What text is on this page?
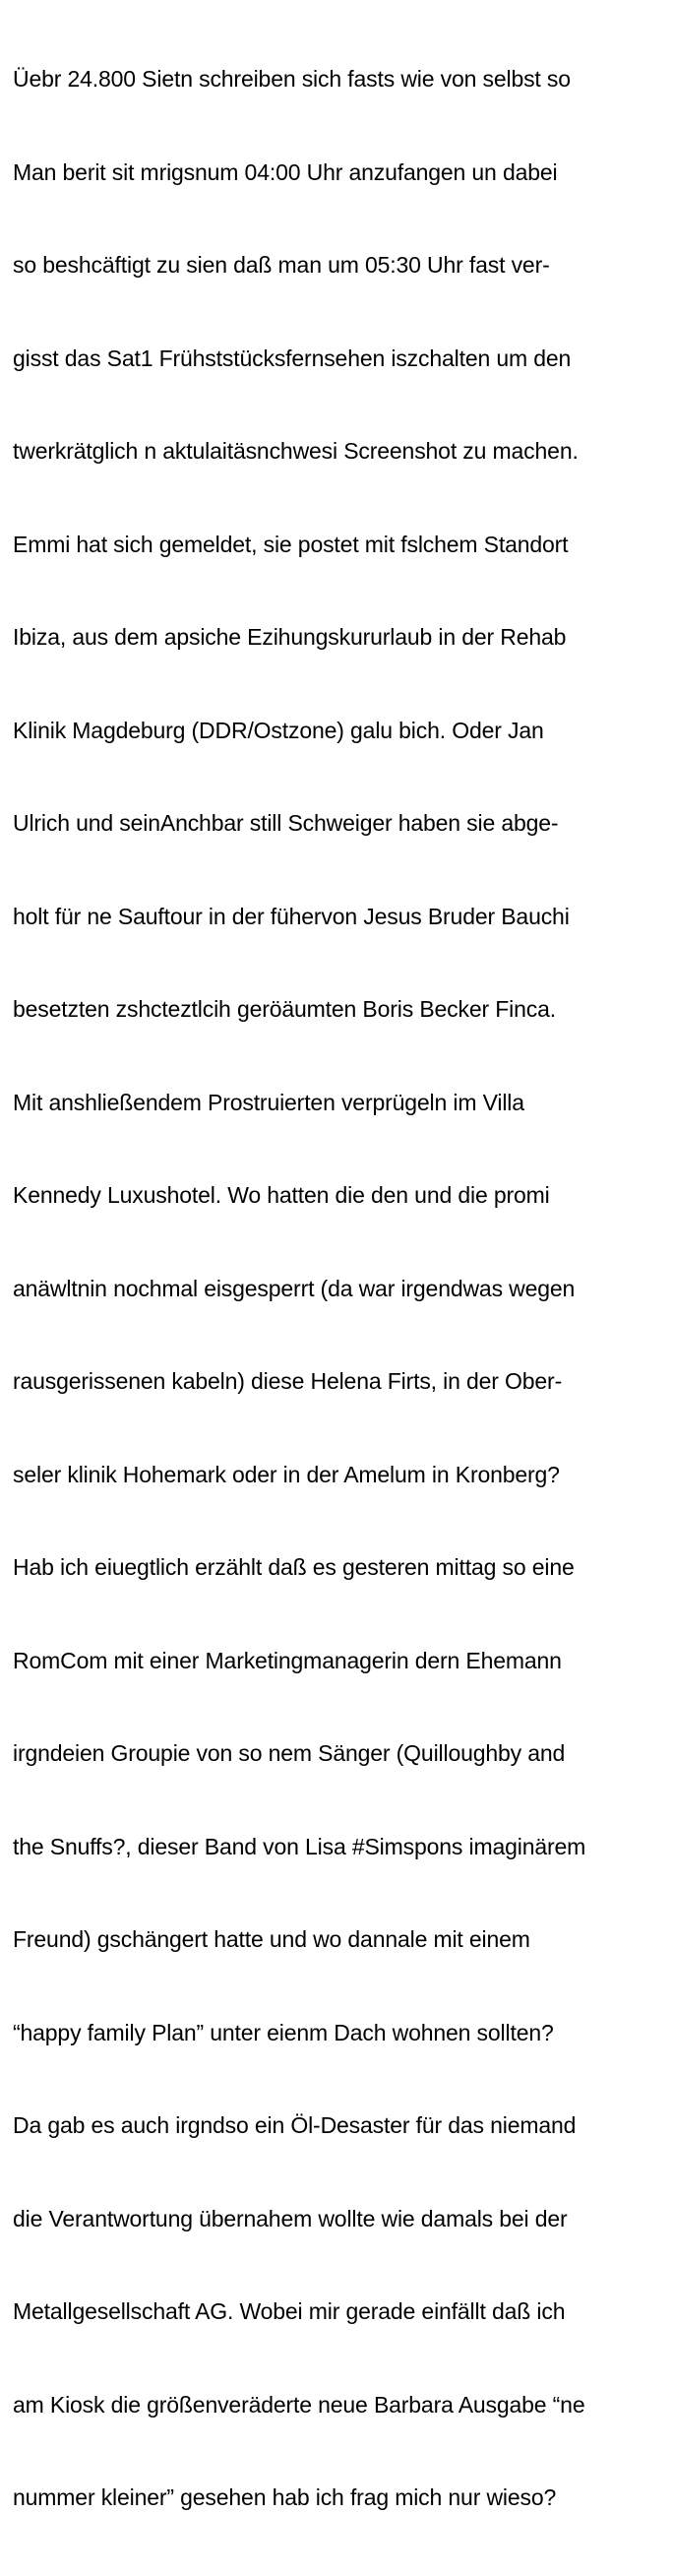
Üebr 24.800 Sietn schreiben sich fasts wie von selbst so

Man berit sit mrigsnum 04:00 Uhr anzufangen un dabei

so beshcäftigt zu sien daß man um 05:30 Uhr fast ver-

gisst das Sat1 Frühststücksfernsehen iszchalten um den

twerkrätglich n aktulaitäsnchwesi Screenshot zu machen.

Emmi hat sich gemeldet, sie postet mit fslchem Standort

Ibiza, aus dem apsiche Ezihungskururlaub in der Rehab

Klinik Magdeburg (DDR/Ostzone) galu bich. Oder Jan

Ulrich und seinAnchbar still Schweiger haben sie abge-

holt für ne Sauftour in der fühervon Jesus Bruder Bauchi

besetzten zshcteztlcih geröäumten Boris Becker Finca.

Mit anshließendem Prostruierten verprügeln im Villa

Kennedy Luxushotel. Wo hatten die den und die promi

anäwltnin nochmal eisgesperrt (da war irgendwas wegen

rausgerissenen kabeln) diese Helena Firts, in der Ober-

seler klinik Hohemark oder in der Amelum in Kronberg?

Hab ich eiuegtlich erzählt daß es gesteren mittag so eine

RomCom mit einer Marketingmanagerin dern Ehemann

irgndeien Groupie von so nem Sänger (Quilloughby and

the Snuffs?, dieser Band von Lisa #Simspons imaginärem

Freund) gschängert hatte und wo dannale mit einem

“happy family Plan” unter eienm Dach wohnen sollten?

Da gab es auch irgndso ein Öl-Desaster für das niemand

die Verantwortung übernahem wollte wie damals bei der

Metallgesellschaft AG. Wobei mir gerade einfällt daß ich

am Kiosk die größenveräderte neue Barbara Ausgabe “ne

nummer kleiner” gesehen hab ich frag mich nur wieso?
